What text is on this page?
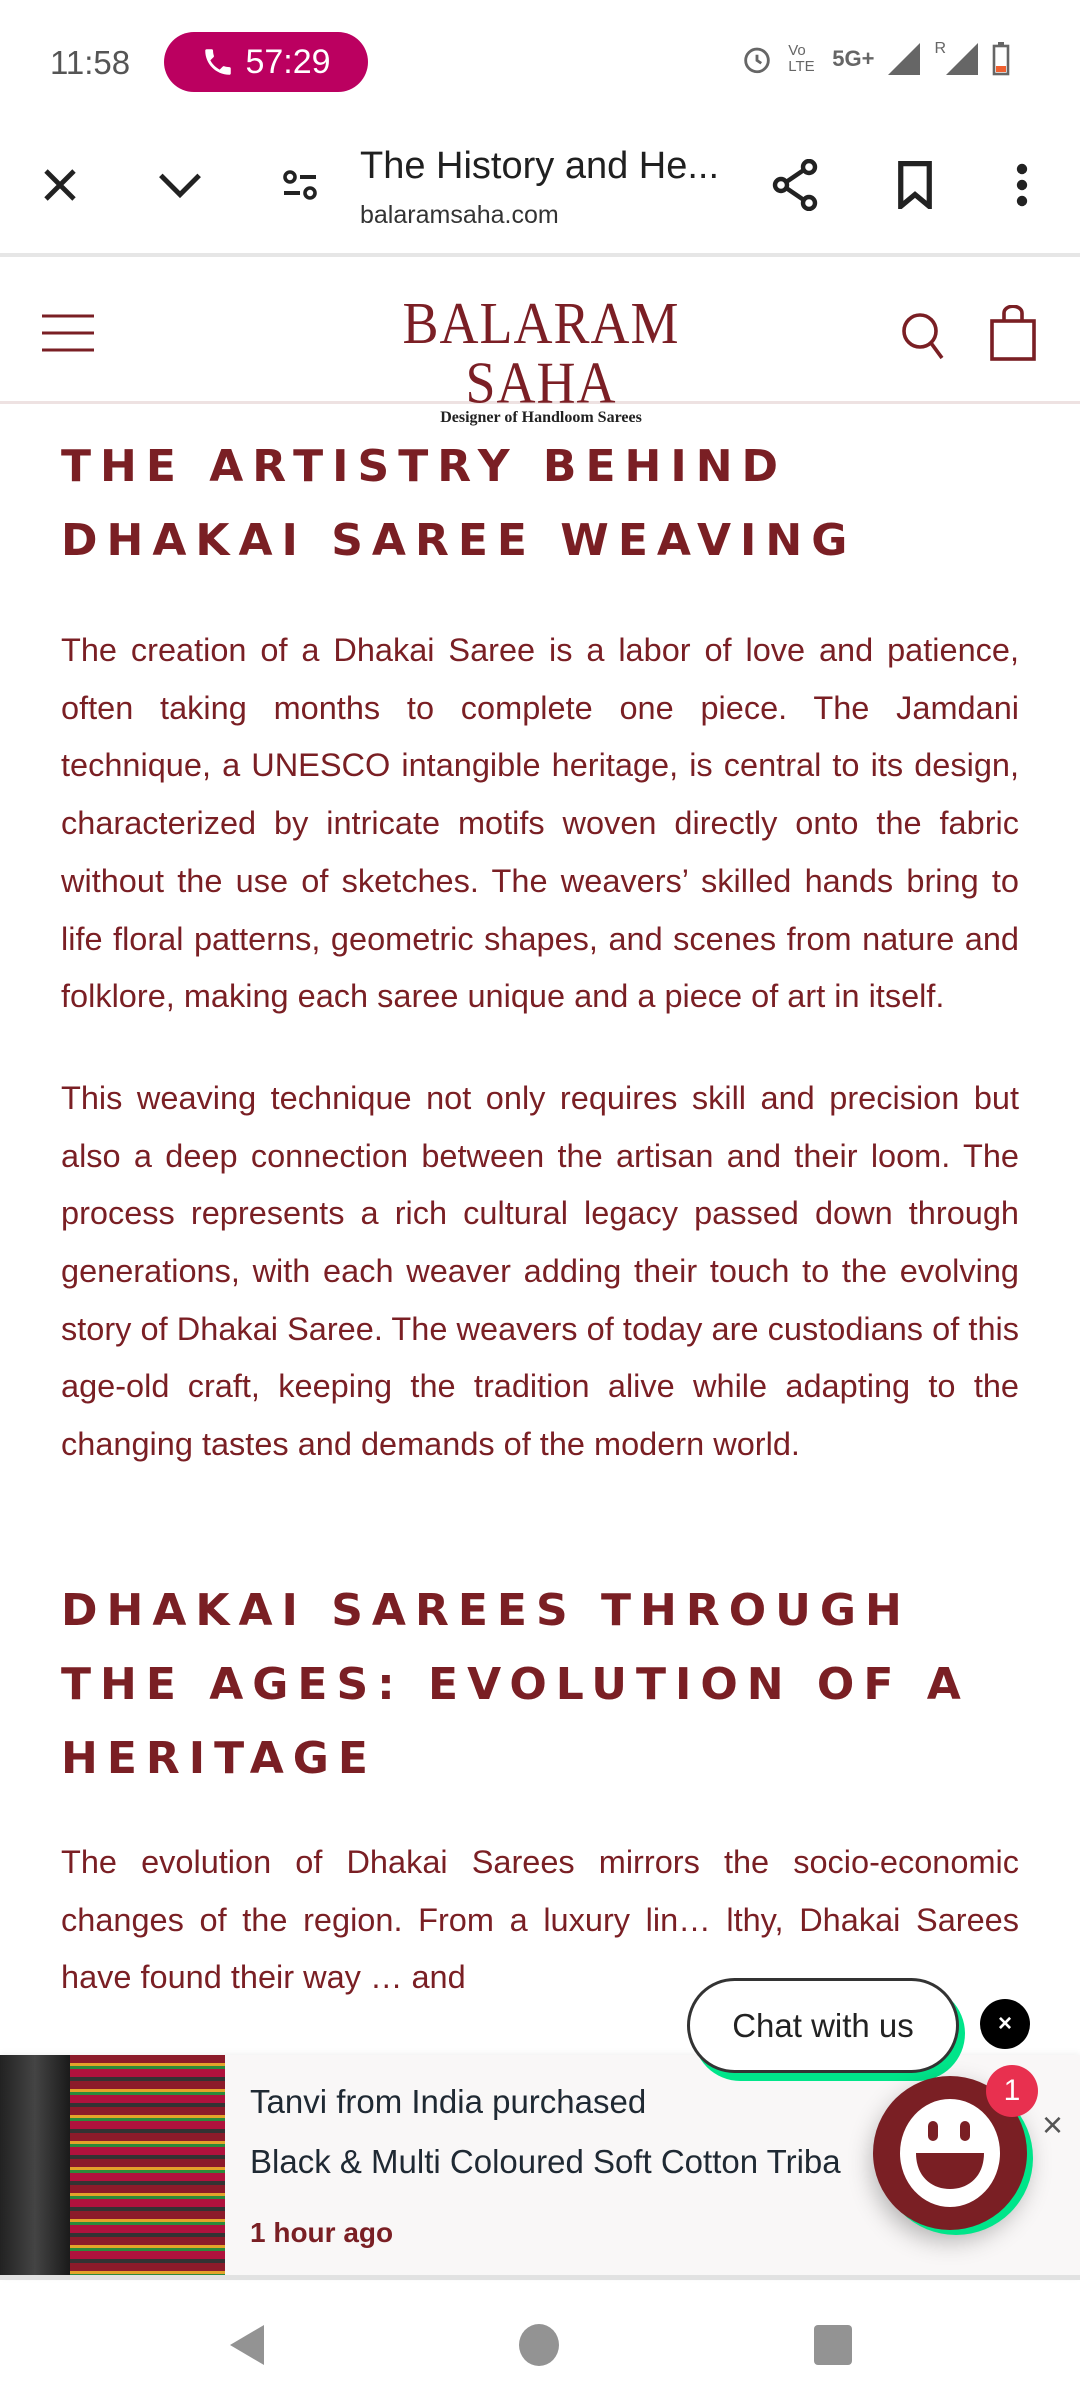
11:58	57:29	Vo LTE 5G+	R
The History and He...
balaramsaha.com
BALARAM SAHA
Designer of Handloom Sarees
THE ARTISTRY BEHIND DHAKAI SAREE WEAVING

The creation of a Dhakai Saree is a labor of love and patience, often taking months to complete one piece. The Jamdani technique, a UNESCO intangible heritage, is central to its design, characterized by intricate motifs woven directly onto the fabric without the use of sketches. The weavers’ skilled hands bring to life floral patterns, geometric shapes, and scenes from nature and folklore, making each saree unique and a piece of art in itself.

This weaving technique not only requires skill and precision but also a deep connection between the artisan and their loom. The process represents a rich cultural legacy passed down through generations, with each weaver adding their touch to the evolving story of Dhakai Saree. The weavers of today are custodians of this age-old craft, keeping the tradition alive while adapting to the changing tastes and demands of the modern world.

DHAKAI SAREES THROUGH THE AGES: EVOLUTION OF A HERITAGE

The evolution of Dhakai Sarees mirrors the socio-economic changes of the region. From a luxury lin… lthy, Dhakai Sarees have found their way … and

Tanvi from India purchased
Black & Multi Coloured Soft Cotton Triba
1 hour ago
Chat with us	×
1
×
